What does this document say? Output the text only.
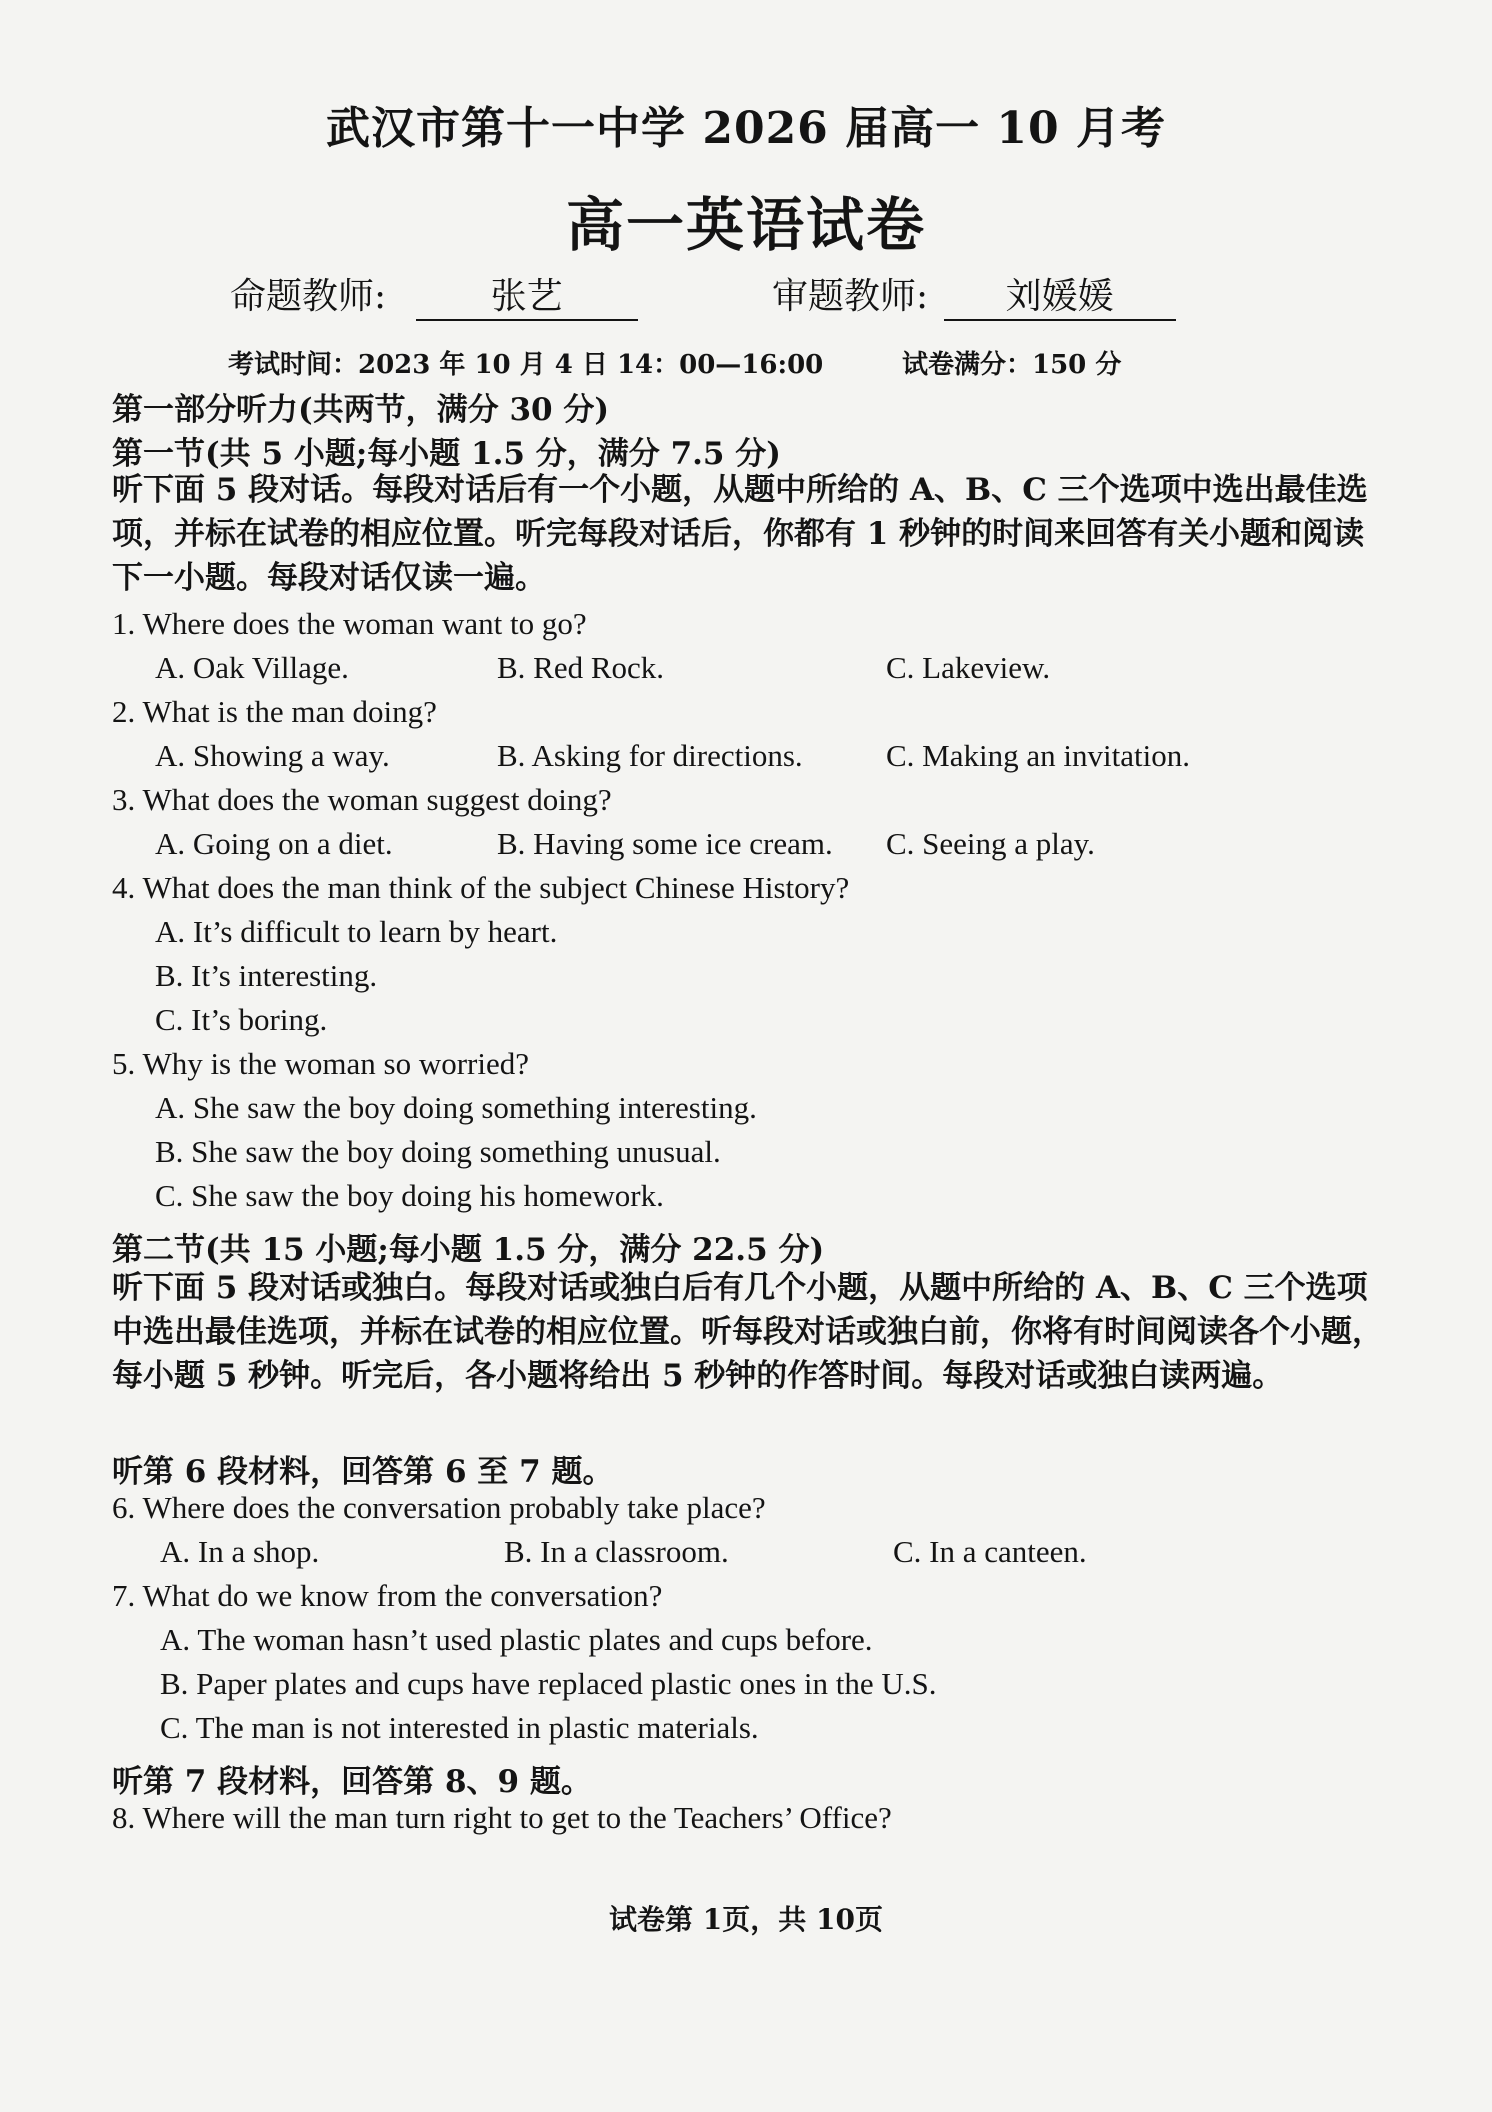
武汉市第十一中学 2026 届高一 10 月考
高一英语试卷
命题教师:	张艺	审题教师: 刘媛媛
考试时间：2023 年 10 月 4 日 14：00—16:00	试卷满分：150 分
第一部分听力(共两节，满分 30 分)
第一节(共 5 小题;每小题 1.5 分，满分 7.5 分)
听下面 5 段对话。每段对话后有一个小题，从题中所给的 A、B、C 三个选项中选出最佳选项，并标在试卷的相应位置。听完每段对话后，你都有 1 秒钟的时间来回答有关小题和阅读下一小题。每段对话仅读一遍。
1. Where does the woman want to go?
A. Oak Village.	B. Red Rock.	C. Lakeview.
2. What is the man doing?
A. Showing a way.	B. Asking for directions.	C. Making an invitation.
3. What does the woman suggest doing?
A. Going on a diet.	B. Having some ice cream. C. Seeing a play.
4. What does the man think of the subject Chinese History?
A. It’s difficult to learn by heart.
B. It’s interesting.
C. It’s boring.
5. Why is the woman so worried?
A. She saw the boy doing something interesting.
B. She saw the boy doing something unusual.
C. She saw the boy doing his homework.
第二节(共 15 小题;每小题 1.5 分，满分 22.5 分)
听下面 5 段对话或独白。每段对话或独白后有几个小题，从题中所给的 A、B、C 三个选项中选出最佳选项，并标在试卷的相应位置。听每段对话或独白前，你将有时间阅读各个小题，每小题 5 秒钟。听完后，各小题将给出 5 秒钟的作答时间。每段对话或独白读两遍。
听第 6 段材料，回答第 6 至 7 题。
6. Where does the conversation probably take place?
A. In a shop.	B. In a classroom.	C. In a canteen.
7. What do we know from the conversation?
A. The woman hasn’t used plastic plates and cups before.
B. Paper plates and cups have replaced plastic ones in the U.S.
C. The man is not interested in plastic materials.
听第 7 段材料，回答第 8、9 题。
8. Where will the man turn right to get to the Teachers’ Office?
试卷第 1页，共 10页
